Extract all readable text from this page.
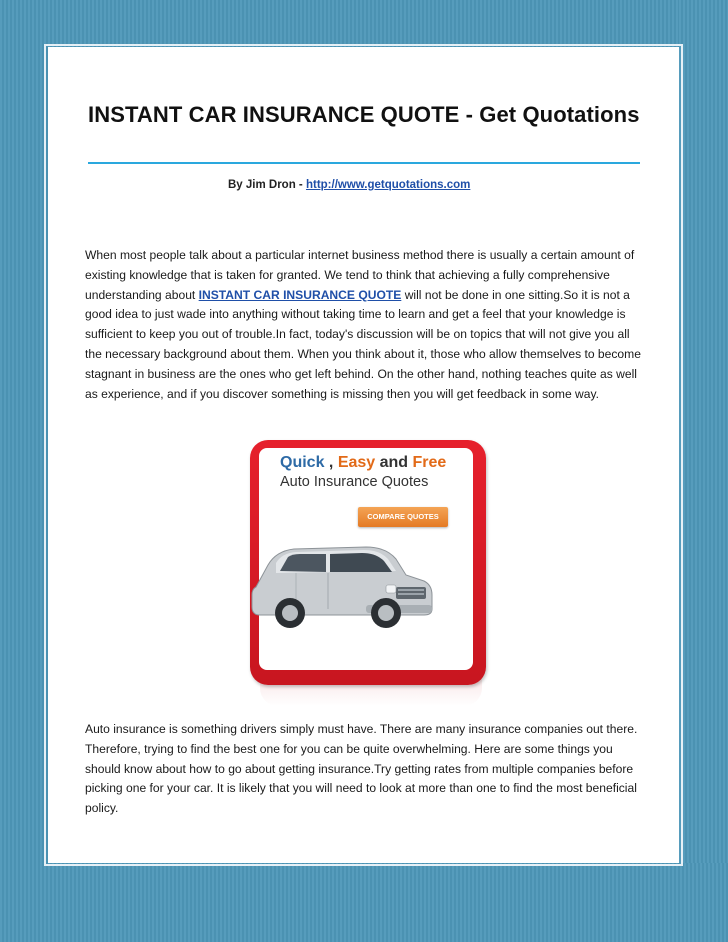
INSTANT CAR INSURANCE QUOTE - Get Quotations
By Jim Dron - http://www.getquotations.com
When most people talk about a particular internet business method there is usually a certain amount of existing knowledge that is taken for granted. We tend to think that achieving a fully comprehensive understanding about INSTANT CAR INSURANCE QUOTE will not be done in one sitting.So it is not a good idea to just wade into anything without taking time to learn and get a feel that your knowledge is sufficient to keep you out of trouble.In fact, today's discussion will be on topics that will not give you all the necessary background about them. When you think about it, those who allow themselves to become stagnant in business are the ones who get left behind. On the other hand, nothing teaches quite as well as experience, and if you discover something is missing then you will get feedback in some way.
Quick , Easy and Free
Auto Insurance Quotes
COMPARE QUOTES
Auto insurance is something drivers simply must have. There are many insurance companies out there. Therefore, trying to find the best one for you can be quite overwhelming. Here are some things you should know about how to go about getting insurance.Try getting rates from multiple companies before picking one for your car. It is likely that you will need to look at more than one to find the most beneficial policy.
